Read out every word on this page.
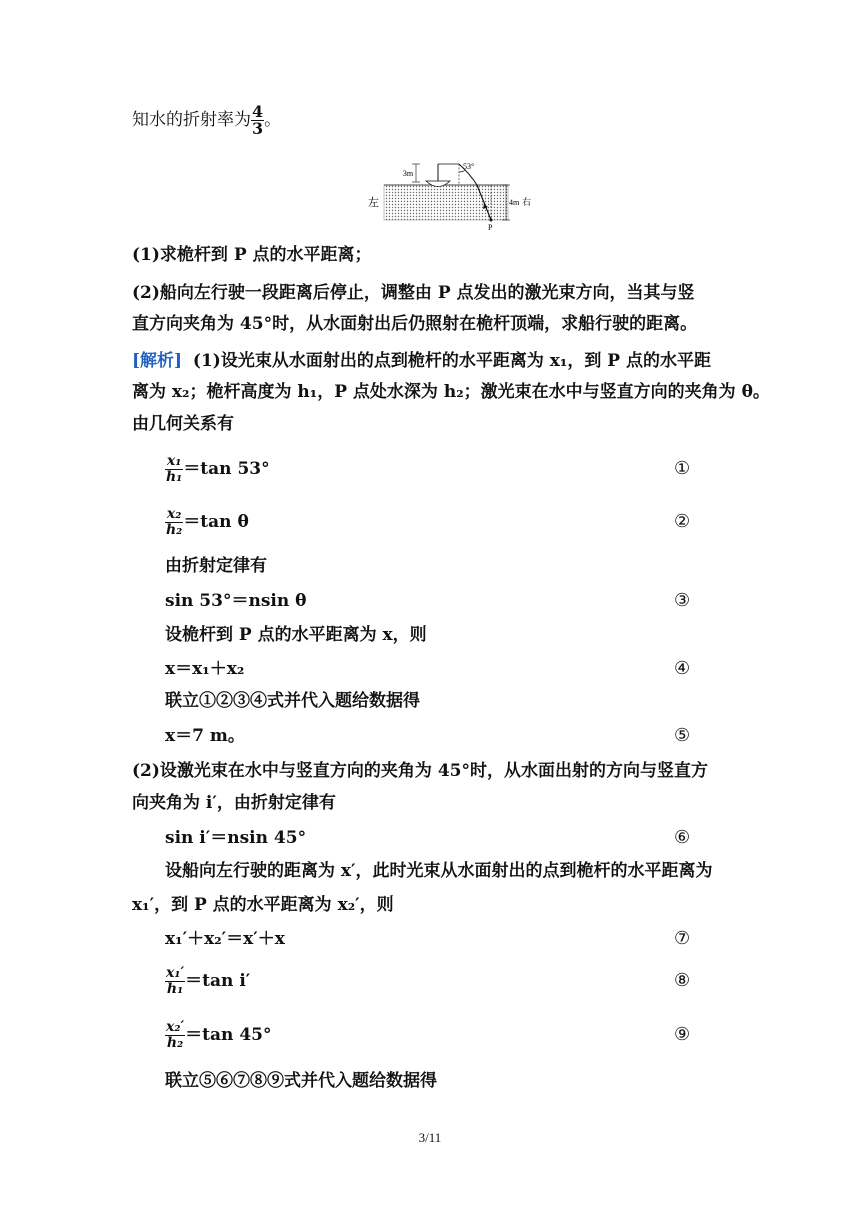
知水的折射率为 $\frac{4}{3}$ 。
3m
53°
左	4m 右
P
(1)求桅杆到 P 点的水平距离；
(2)船向左行驶一段距离后停止，调整由 P 点发出的激光束方向，当其与竖
直方向夹角为 45°时，从水面射出后仍照射在桅杆顶端，求船行驶的距离。
[解析] (1)设光束从水面射出的点到桅杆的水平距离为 x₁，到 P 点的水平距
离为 x₂；桅杆高度为 h₁，P 点处水深为 h₂；激光束在水中与竖直方向的夹角为 θ。
由几何关系有
$\frac{\text{x₁}}{\text{h₁}} =\tan$ 53°	①
$\frac{\text{x₂}}{\text{h₂}} =\tan$ θ	②
由折射定律有
sin 53°＝nsin θ	③
设桅杆到 P 点的水平距离为 x，则
x＝x₁＋x₂	④
联立①②③④式并代入题给数据得
x＝7 m。	⑤
(2)设激光束在水中与竖直方向的夹角为 45°时，从水面出射的方向与竖直方
向夹角为 i′，由折射定律有
sin i′＝nsin 45°	⑥
设船向左行驶的距离为 x′，此时光束从水面射出的点到桅杆的水平距离为
x₁′，到 P 点的水平距离为 x₂′，则
x₁′＋x₂′＝x′＋x	⑦
$\frac{\text{x₁′}}{\text{h₁}} =\tan$ i′	⑧
$\frac{\text{x₂′}}{\text{h₂}} =\tan$ 45°	⑨
联立⑤⑥⑦⑧⑨式并代入题给数据得
3/11
